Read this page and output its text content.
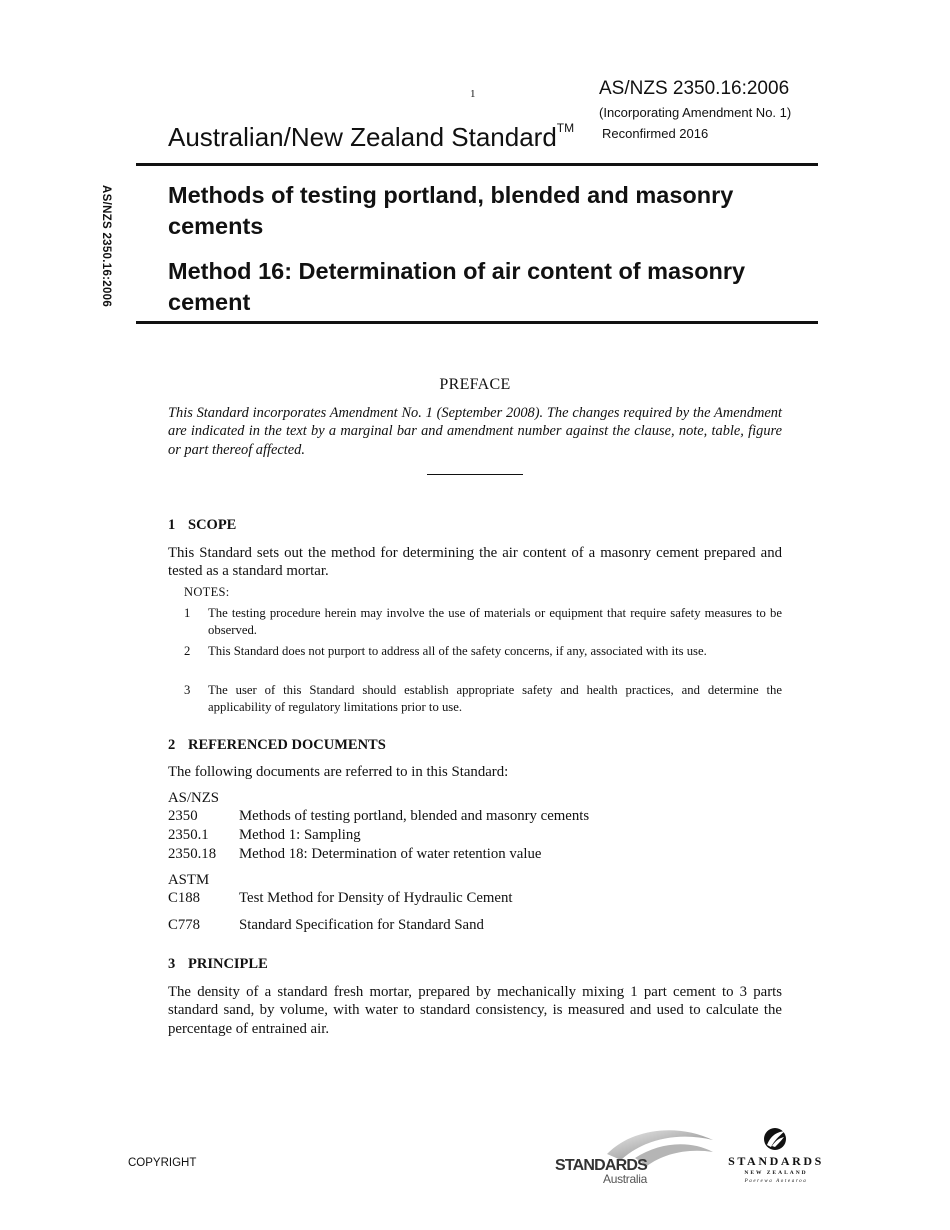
1	AS/NZS 2350.16:2006
(Incorporating Amendment No. 1)
Australian/New Zealand Standard™ Reconfirmed 2016
AS/NZS 2350.16:2006 Methods of testing portland, blended and masonry cements
Method 16: Determination of air content of masonry cement
PREFACE
This Standard incorporates Amendment No. 1 (September 2008). The changes required by the Amendment are indicated in the text by a marginal bar and amendment number against the clause, note, table, figure or part thereof affected.
1 SCOPE
This Standard sets out the method for determining the air content of a masonry cement prepared and tested as a standard mortar.
NOTES:
1 The testing procedure herein may involve the use of materials or equipment that require safety measures to be observed.
2 This Standard does not purport to address all of the safety concerns, if any, associated with its use.
3 The user of this Standard should establish appropriate safety and health practices, and determine the applicability of regulatory limitations prior to use.
2 REFERENCED DOCUMENTS
The following documents are referred to in this Standard:
AS/NZS
2350	Methods of testing portland, blended and masonry cements
2350.1 Method 1: Sampling
2350.18 Method 18: Determination of water retention value
ASTM
C188	Test Method for Density of Hydraulic Cement
C778	Standard Specification for Standard Sand
3 PRINCIPLE
The density of a standard fresh mortar, prepared by mechanically mixing 1 part cement to 3 parts standard sand, by volume, with water to standard consistency, is measured and used to calculate the percentage of entrained air.
COPYRIGHT	STANDARDS
Australia
STANDARDS
NEW ZEALAND
Paerewa Aotearoa
